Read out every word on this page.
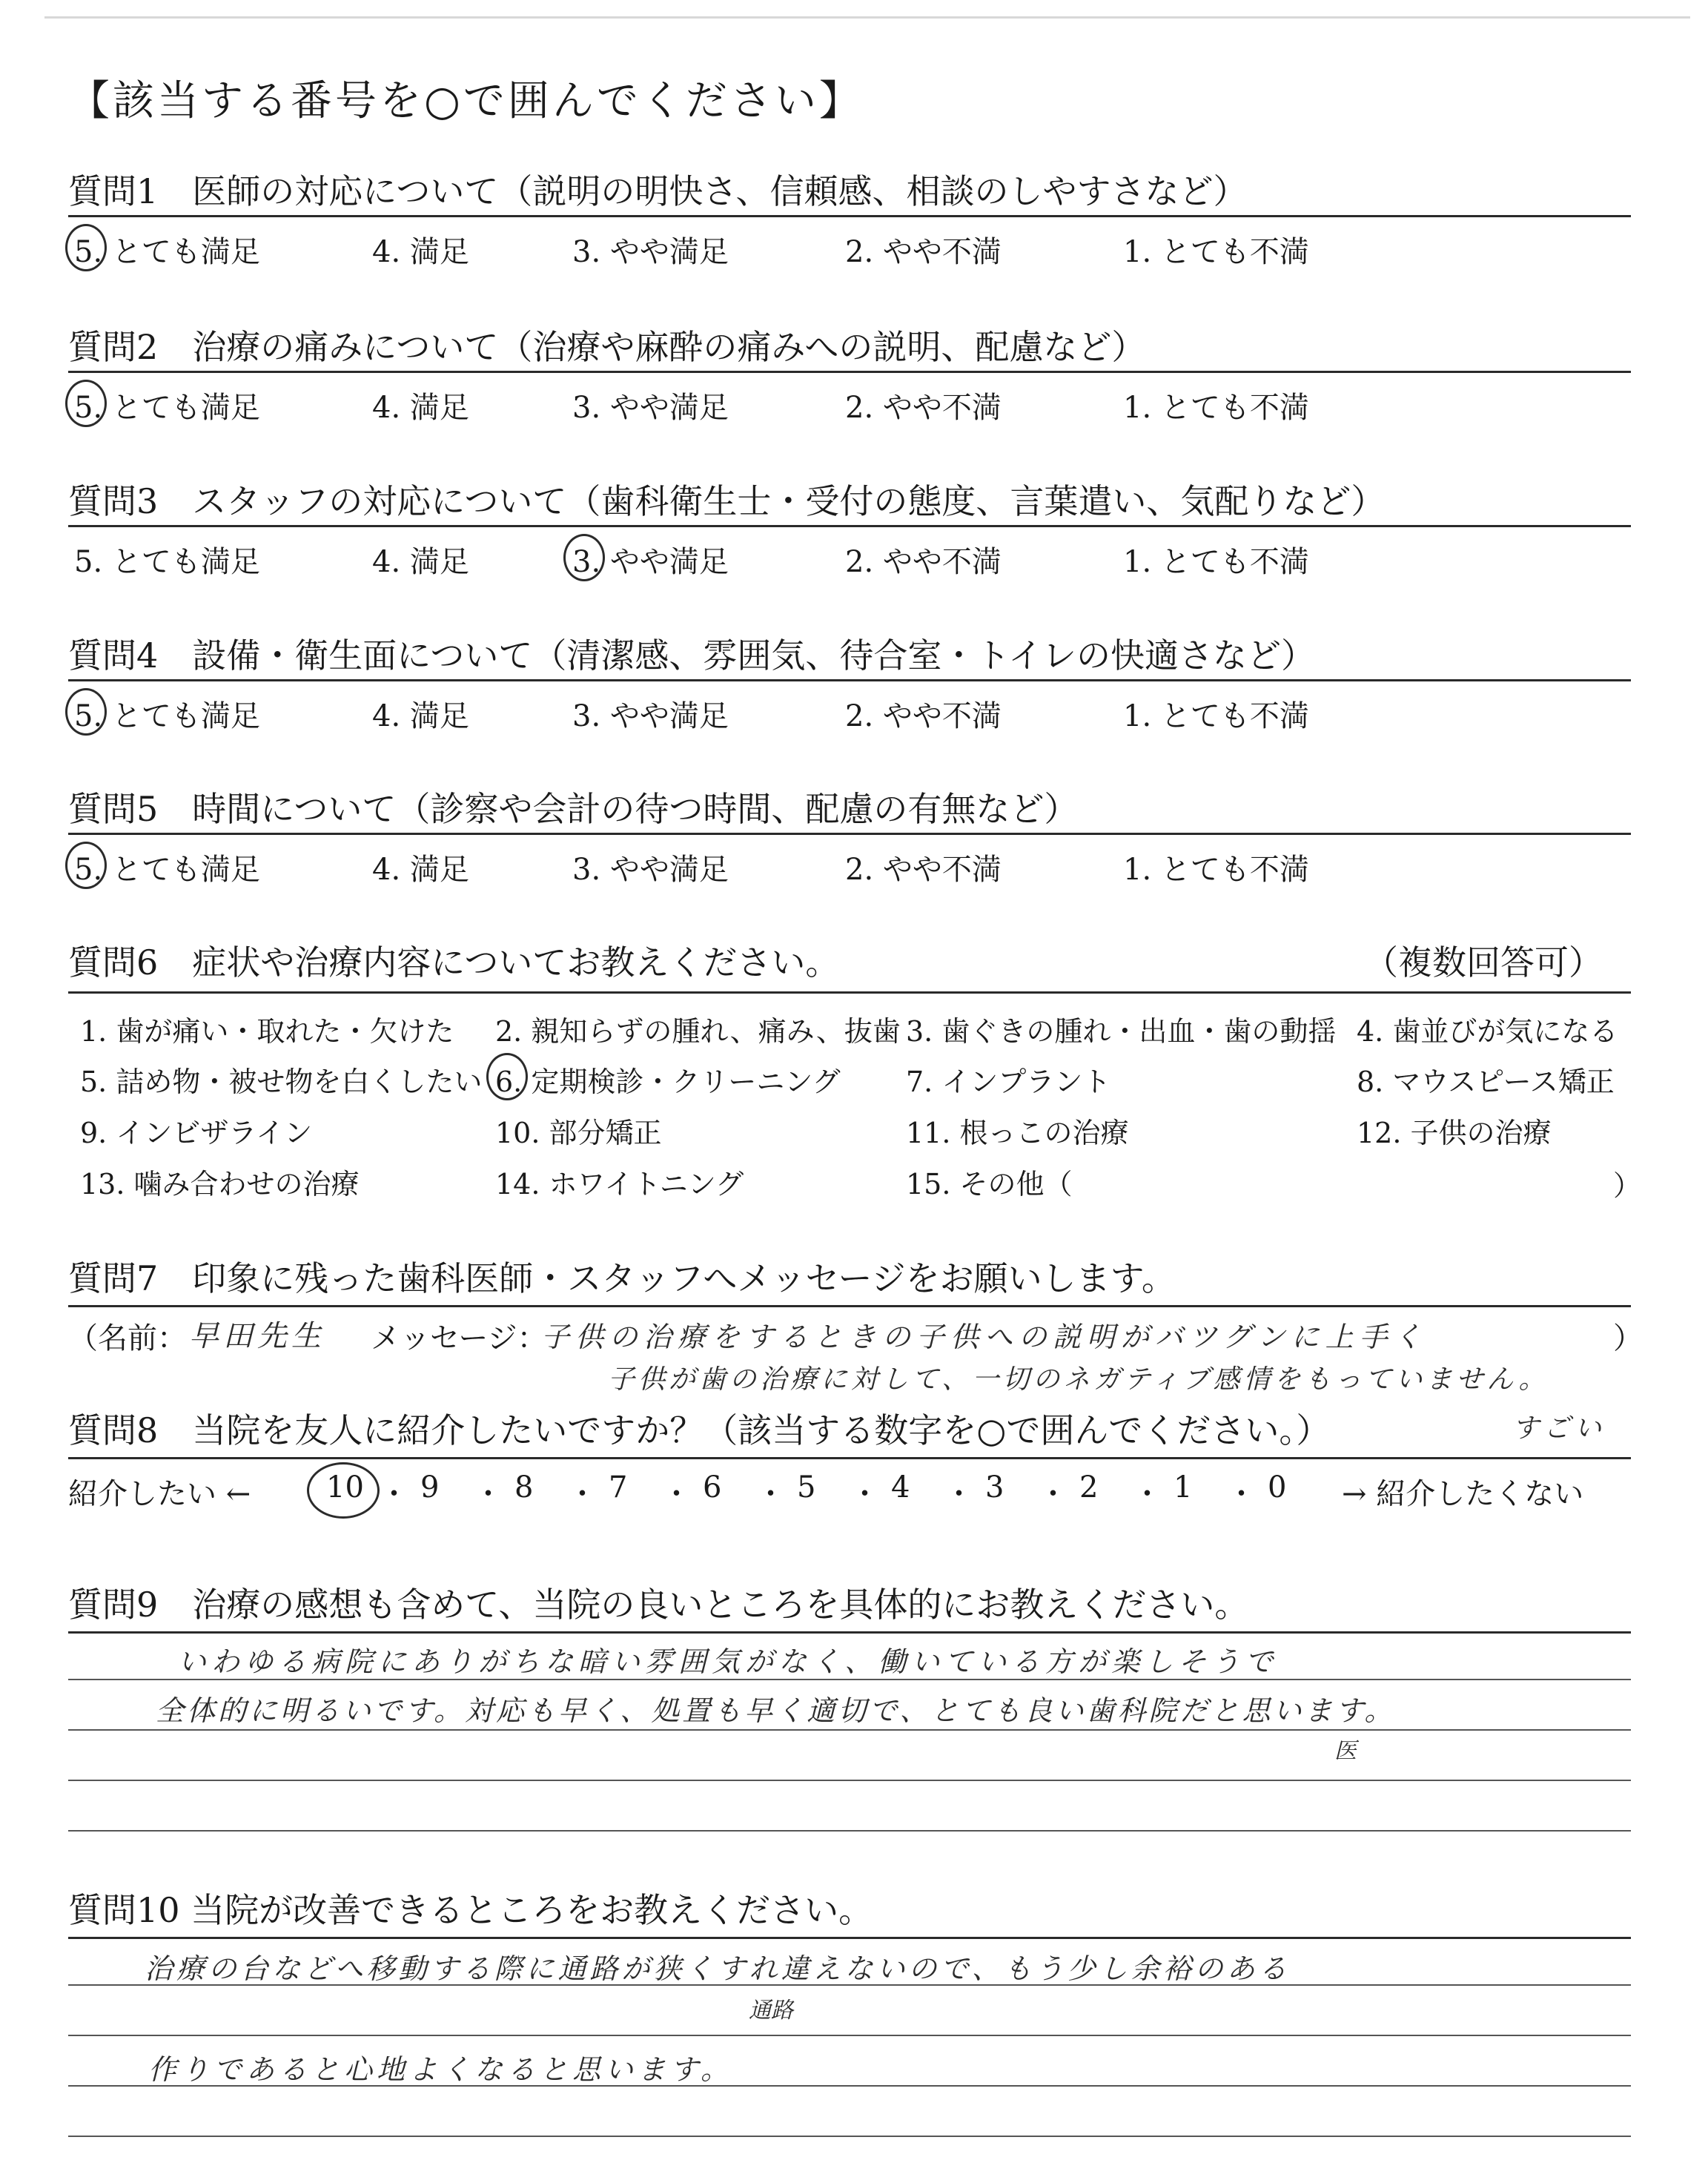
【該当する番号を○で囲んでください】
質問1　医師の対応について（説明の明快さ、信頼感、相談のしやすさなど）
5. とても満足	4. 満足	3. やや満足	2. やや不満	1. とても不満
質問2　治療の痛みについて（治療や麻酔の痛みへの説明、配慮など）
5. とても満足	4. 満足	3. やや満足	2. やや不満	1. とても不満
質問3　スタッフの対応について（歯科衛生士・受付の態度、言葉遣い、気配りなど）
5. とても満足	4. 満足	3. やや満足	2. やや不満	1. とても不満
質問4　設備・衛生面について（清潔感、雰囲気、待合室・トイレの快適さなど）
5. とても満足	4. 満足	3. やや満足	2. やや不満	1. とても不満
質問5　時間について（診察や会計の待つ時間、配慮の有無など）
5. とても満足	4. 満足	3. やや満足	2. やや不満	1. とても不満
質問6　症状や治療内容についてお教えください。	（複数回答可）
1. 歯が痛い・取れた・欠けた 2. 親知らずの腫れ、痛み、抜歯 3. 歯ぐきの腫れ・出血・歯の動揺 4. 歯並びが気になる
5. 詰め物・被せ物を白くしたい 6. 定期検診・クリーニング 7. インプラント	8. マウスピース矯正
9. インビザライン	10. 部分矯正	11. 根っこの治療	12. 子供の治療
13. 噛み合わせの治療	14. ホワイトニング	15. その他（	）
質問7　印象に残った歯科医師・スタッフへメッセージをお願いします。
（名前： 早田先生 メッセージ：
子供の治療をするときの子供への説明がバツグンに上手く	）
子供が歯の治療に対して、一切のネガティブ感情をもっていません。
質問8　当院を友人に紹介したいですか？（該当する数字を○で囲んでください。）	すごい
紹介したい ←	10 ・ 9 ・ 8 ・ 7 ・ 6 ・ 5 ・ 4 ・ 3 ・ 2 ・ 1 ・ 0 → 紹介したくない
質問9　治療の感想も含めて、当院の良いところを具体的にお教えください。
いわゆる病院にありがちな暗い雰囲気がなく、働いている方が楽しそうで
全体的に明るいです。対応も早く、処置も早く適切で、とても良い歯科院だと思います。
医
質問10 当院が改善できるところをお教えください。
治療の台などへ移動する際に通路が狭くすれ違えないので、もう少し余裕のある
通路
作りであると心地よくなると思います。
